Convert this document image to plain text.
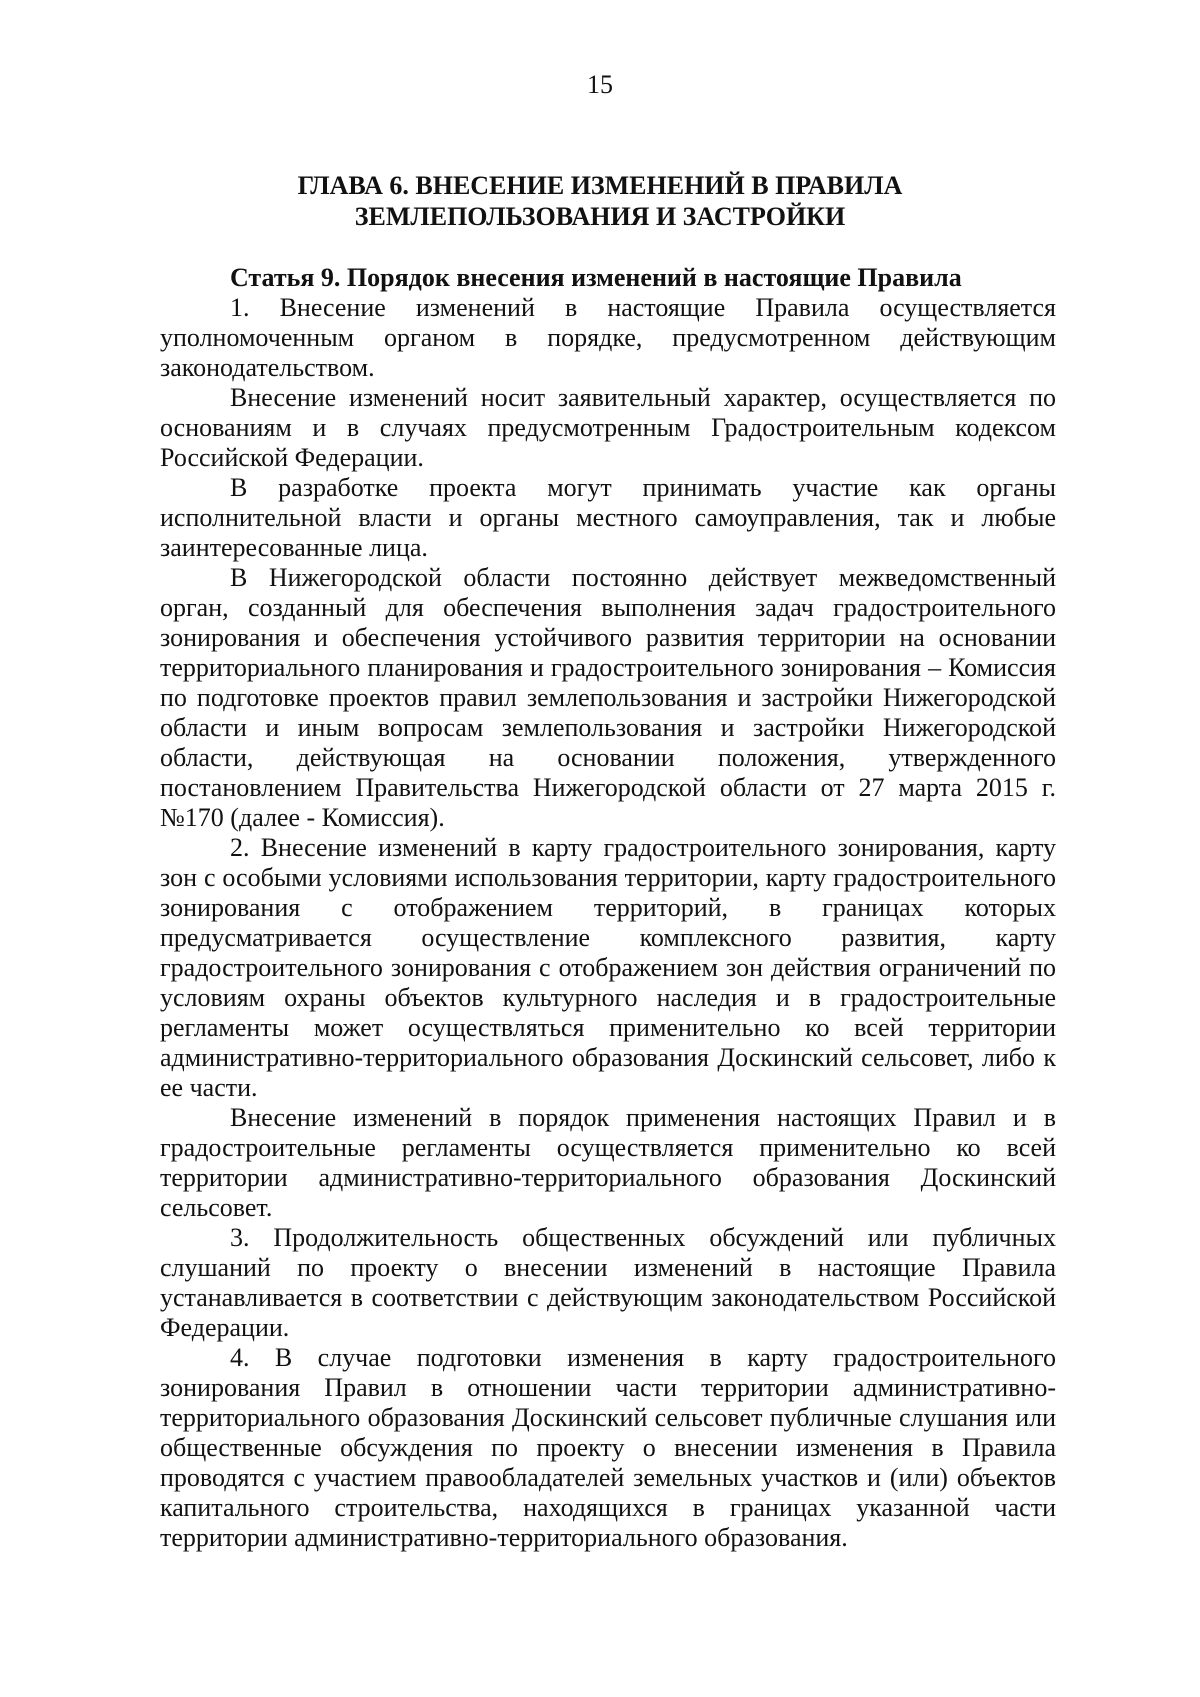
15
ГЛАВА 6. ВНЕСЕНИЕ ИЗМЕНЕНИЙ В ПРАВИЛА
ЗЕМЛЕПОЛЬЗОВАНИЯ И ЗАСТРОЙКИ

Статья 9. Порядок внесения изменений в настоящие Правила

1. Внесение изменений в настоящие Правила осуществляется уполномоченным органом в порядке, предусмотренном действующим законодательством.

Внесение изменений носит заявительный характер, осуществляется по основаниям и в случаях предусмотренным Градостроительным кодексом Российской Федерации.

В разработке проекта могут принимать участие как органы исполнительной власти и органы местного самоуправления, так и любые заинтересованные лица.

В Нижегородской области постоянно действует межведомственный орган, созданный для обеспечения выполнения задач градостроительного зонирования и обеспечения устойчивого развития территории на основании территориального планирования и градостроительного зонирования – Комиссия по подготовке проектов правил землепользования и застройки Нижегородской области и иным вопросам землепользования и застройки Нижегородской области, действующая на основании положения, утвержденного постановлением Правительства Нижегородской области от 27 марта 2015 г. №170 (далее - Комиссия).

2. Внесение изменений в карту градостроительного зонирования, карту зон с особыми условиями использования территории, карту градостроительного зонирования с отображением территорий, в границах которых предусматривается осуществление комплексного развития, карту градостроительного зонирования с отображением зон действия ограничений по условиям охраны объектов культурного наследия и в градостроительные регламенты может осуществляться применительно ко всей территории административно-территориального образования Доскинский сельсовет, либо к ее части.

Внесение изменений в порядок применения настоящих Правил и в градостроительные регламенты осуществляется применительно ко всей территории административно-территориального образования Доскинский сельсовет.

3. Продолжительность общественных обсуждений или публичных слушаний по проекту о внесении изменений в настоящие Правила устанавливается в соответствии с действующим законодательством Российской Федерации.

4. В случае подготовки изменения в карту градостроительного зонирования Правил в отношении части территории административно-территориального образования Доскинский сельсовет публичные слушания или общественные обсуждения по проекту о внесении изменения в Правила проводятся с участием правообладателей земельных участков и (или) объектов капитального строительства, находящихся в границах указанной части территории административно-территориального образования.
